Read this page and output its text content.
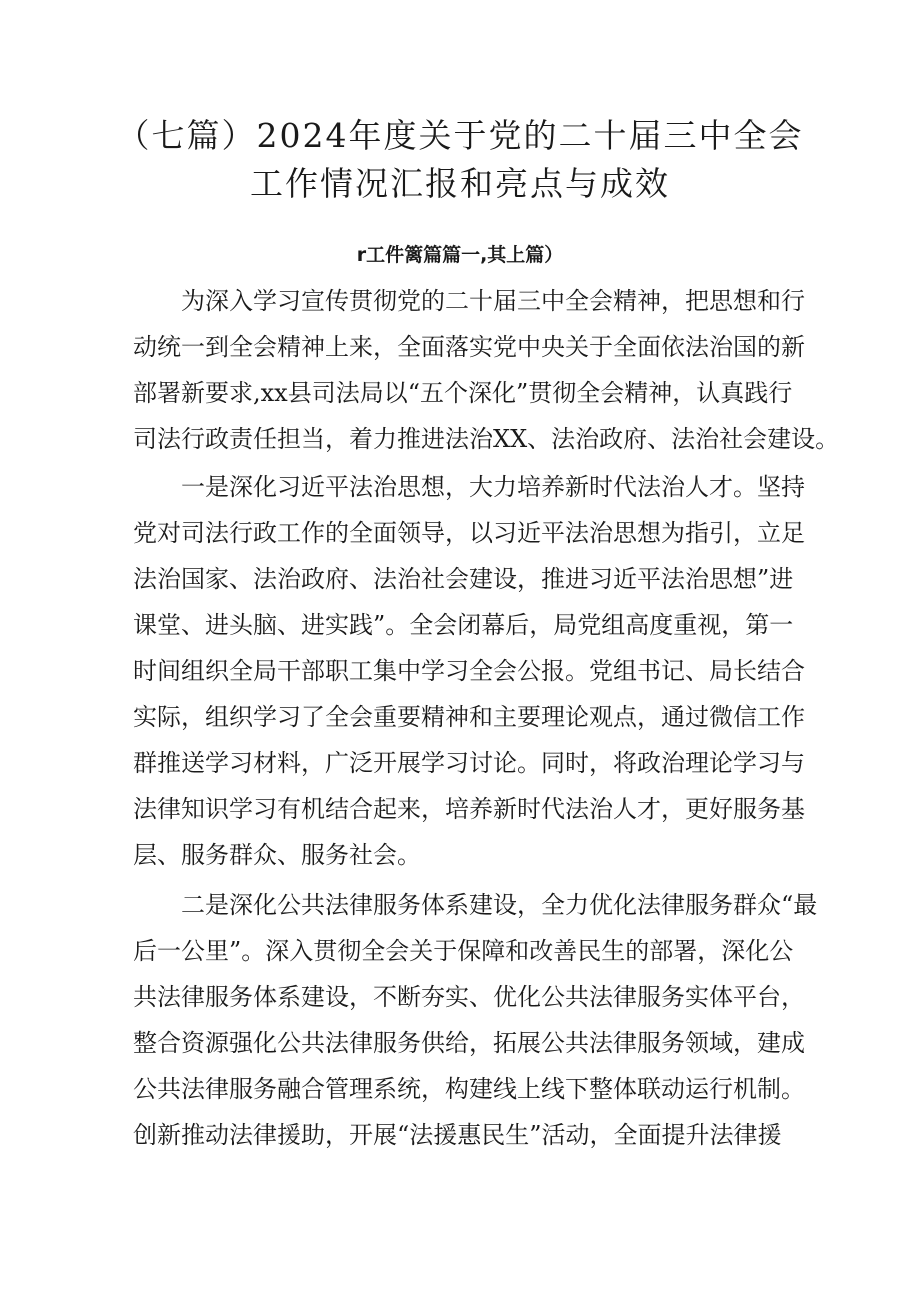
（七篇）2024年度关于党的二十届三中全会
工作情况汇报和亮点与成效

r工件篱篇篇一,其上篇）

为深入学习宣传贯彻党的二十届三中全会精神，把思想和行

动统一到全会精神上来，全面落实党中央关于全面依法治国的新

部署新要求,xx县司法局以“五个深化”贯彻全会精神，认真践行

司法行政责任担当，着力推进法治XX、法治政府、法治社会建设。

一是深化习近平法治思想，大力培养新时代法治人才。坚持

党对司法行政工作的全面领导，以习近平法治思想为指引，立足

法治国家、法治政府、法治社会建设，推进习近平法治思想”进

课堂、进头脑、进实践”。全会闭幕后，局党组高度重视，第一

时间组织全局干部职工集中学习全会公报。党组书记、局长结合

实际，组织学习了全会重要精神和主要理论观点，通过微信工作

群推送学习材料，广泛开展学习讨论。同时，将政治理论学习与

法律知识学习有机结合起来，培养新时代法治人才，更好服务基

层、服务群众、服务社会。

二是深化公共法律服务体系建设，全力优化法律服务群众“最

后一公里”。深入贯彻全会关于保障和改善民生的部署，深化公

共法律服务体系建设，不断夯实、优化公共法律服务实体平台，

整合资源强化公共法律服务供给，拓展公共法律服务领域，建成

公共法律服务融合管理系统，构建线上线下整体联动运行机制。

创新推动法律援助，开展“法援惠民生”活动，全面提升法律援
